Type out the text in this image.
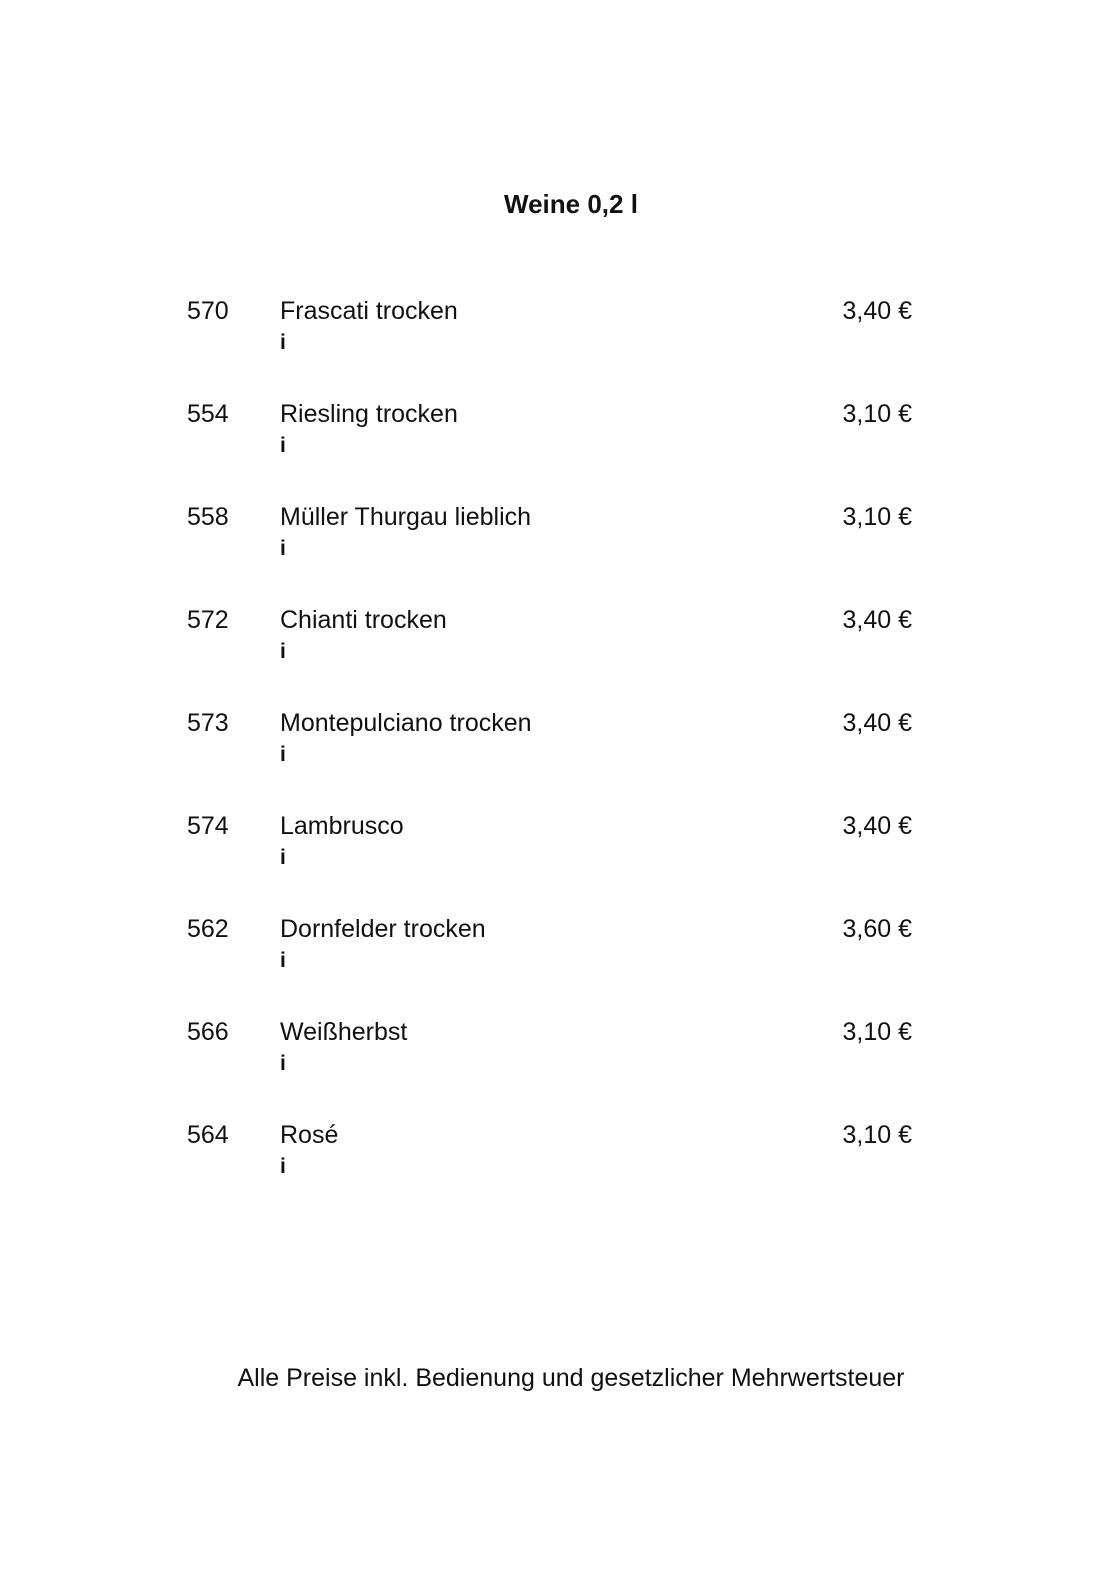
Weine 0,2 l
570 Frascati trocken	3,40 €
i
554 Riesling trocken	3,10 €
i
558 Müller Thurgau lieblich	3,10 €
i
572 Chianti trocken	3,40 €
i
573 Montepulciano trocken	3,40 €
i
574 Lambrusco	3,40 €
i
562 Dornfelder trocken	3,60 €
i
566 Weißherbst	3,10 €
i
564 Rosé	3,10 €
i
Alle Preise inkl. Bedienung und gesetzlicher Mehrwertsteuer
